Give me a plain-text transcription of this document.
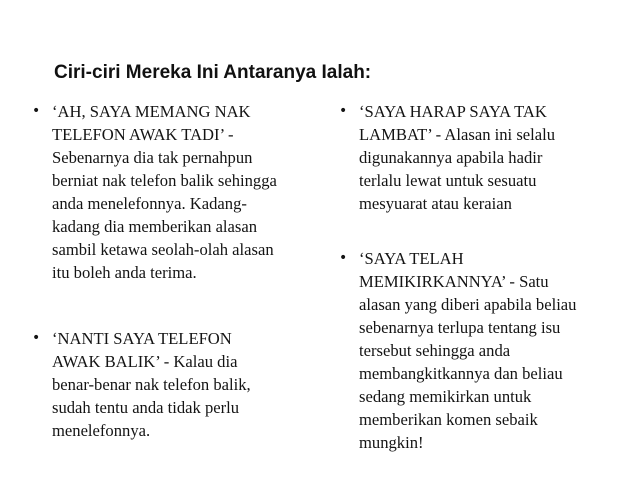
Ciri-ciri Mereka Ini Antaranya Ialah:
• ‘AH, SAYA MEMANG NAK
TELEFON AWAK TADI’ -
Sebenarnya dia tak pernahpun
berniat nak telefon balik sehingga
anda menelefonnya. Kadang-
kadang dia memberikan alasan
sambil ketawa seolah-olah alasan
itu boleh anda terima.
• ‘NANTI SAYA TELEFON
AWAK BALIK’ - Kalau dia
benar-benar nak telefon balik,
sudah tentu anda tidak perlu
menelefonnya.
• ‘SAYA HARAP SAYA TAK
LAMBAT’ - Alasan ini selalu
digunakannya apabila hadir
terlalu lewat untuk sesuatu
mesyuarat atau keraian
• ‘SAYA TELAH
MEMIKIRKANNYA’ - Satu
alasan yang diberi apabila beliau
sebenarnya terlupa tentang isu
tersebut sehingga anda
membangkitkannya dan beliau
sedang memikirkan untuk
memberikan komen sebaik
mungkin!
